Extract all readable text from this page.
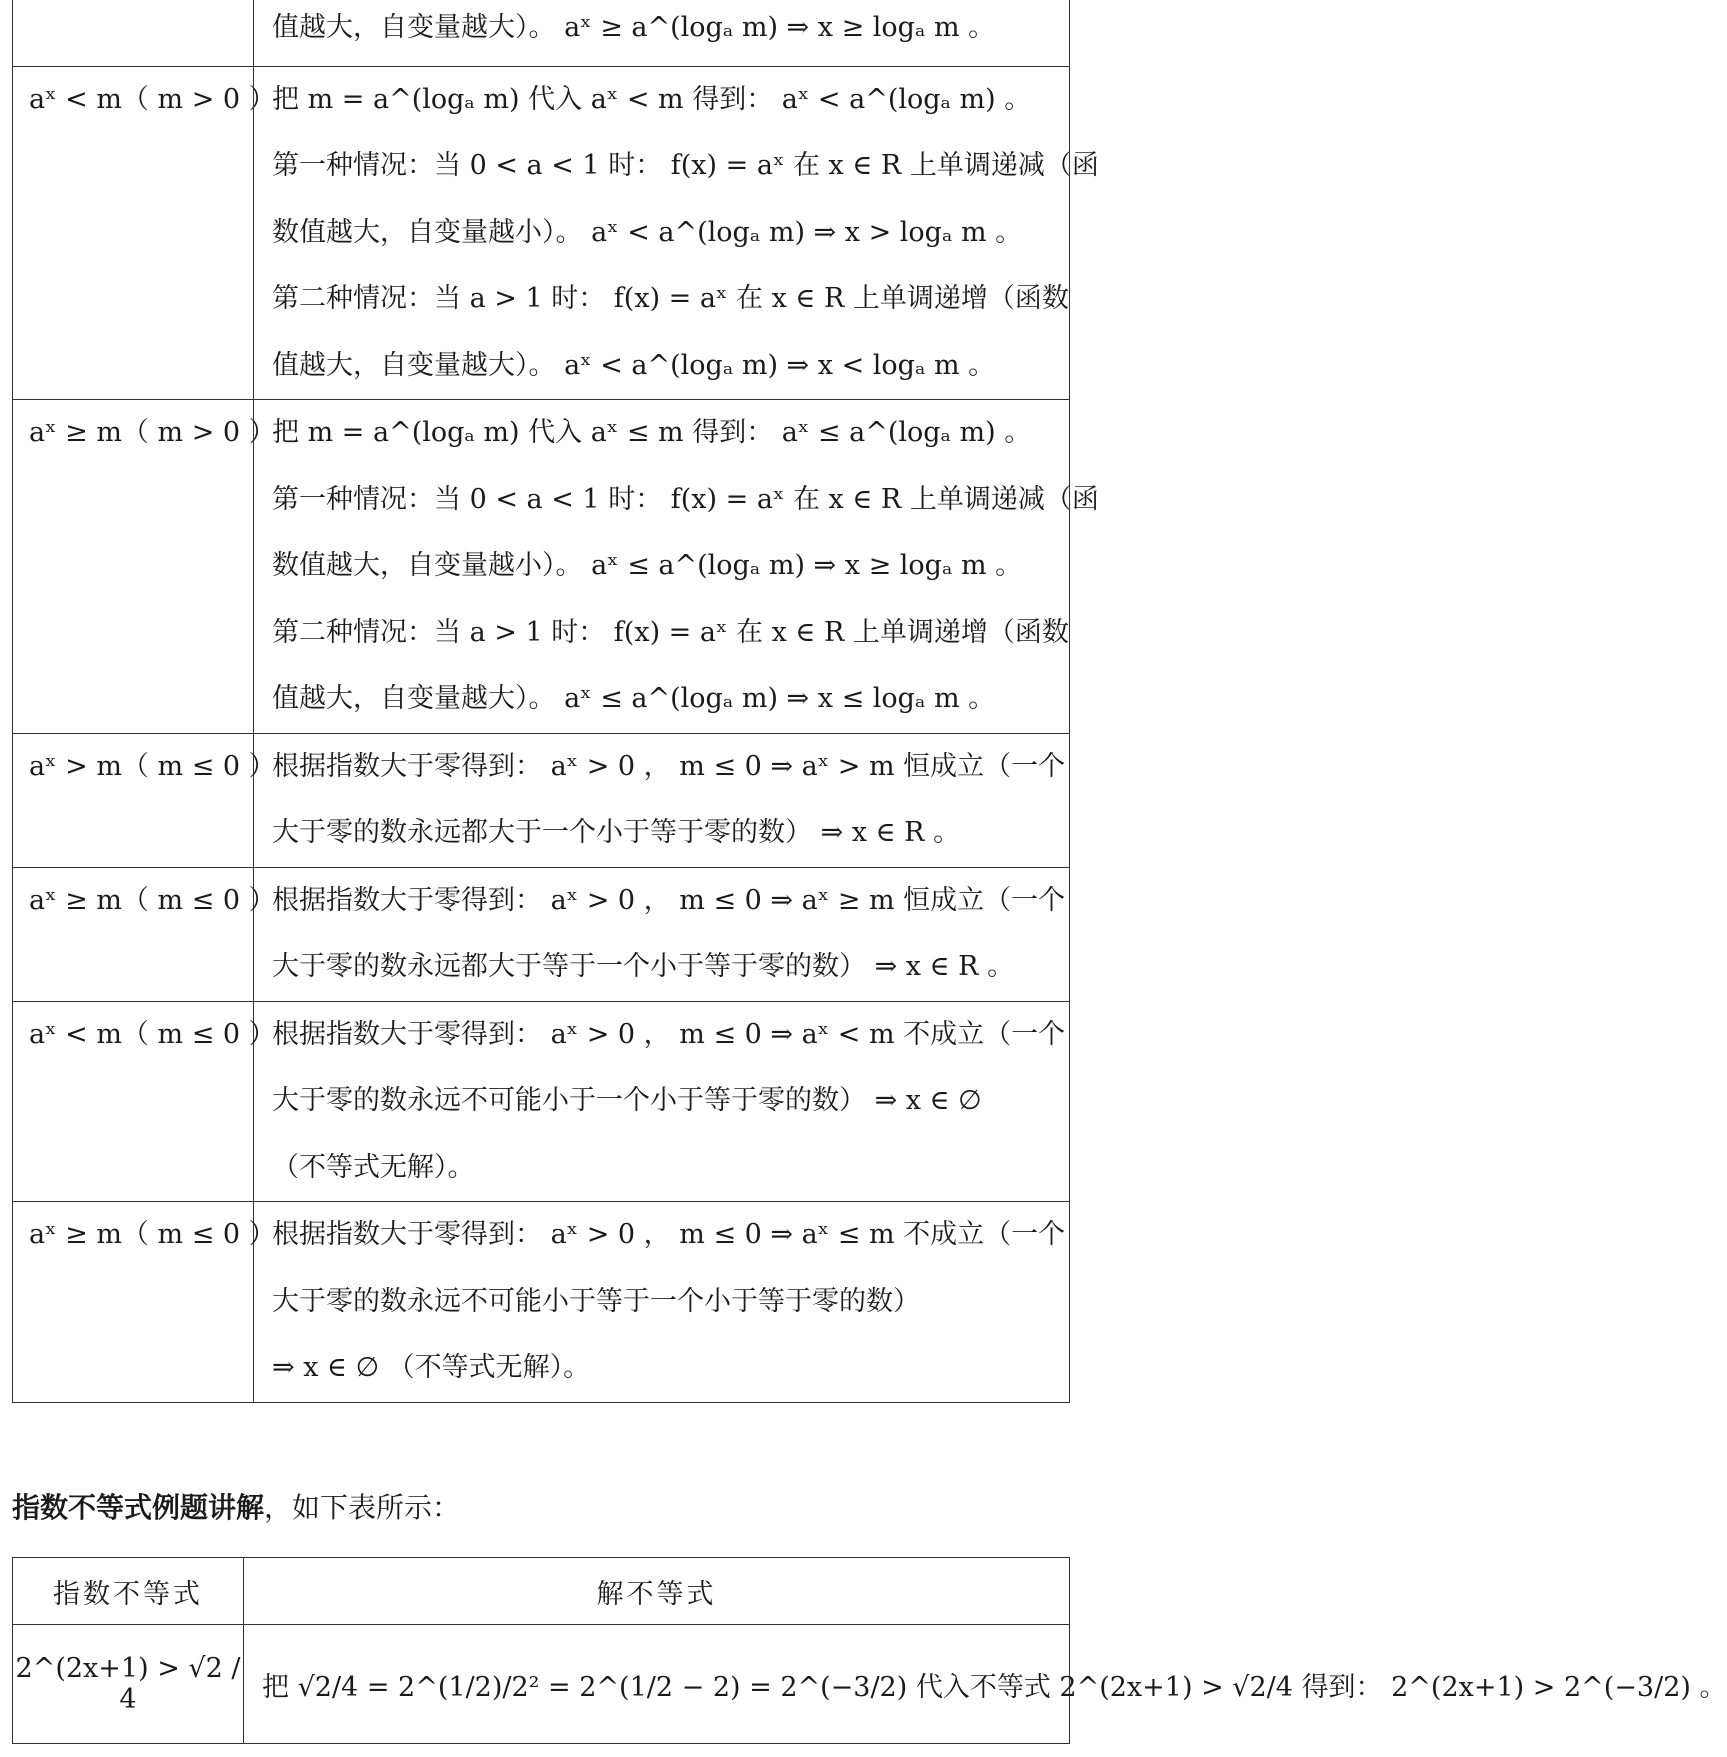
	值越大，自变量越大）。 aˣ ≥ a^(logₐ m) ⇒ x ≥ logₐ m 。

aˣ < m（ m > 0 ）	把 m = a^(logₐ m) 代入 aˣ < m 得到： aˣ < a^(logₐ m) 。
第一种情况：当 0 < a < 1 时： f(x) = aˣ 在 x ∈ R 上单调递减（函
数值越大，自变量越小）。 aˣ < a^(logₐ m) ⇒ x > logₐ m 。
第二种情况：当 a > 1 时： f(x) = aˣ 在 x ∈ R 上单调递增（函数
值越大，自变量越大）。 aˣ < a^(logₐ m) ⇒ x < logₐ m 。

aˣ ≥ m（ m > 0 ）	把 m = a^(logₐ m) 代入 aˣ ≤ m 得到： aˣ ≤ a^(logₐ m) 。
第一种情况：当 0 < a < 1 时： f(x) = aˣ 在 x ∈ R 上单调递减（函
数值越大，自变量越小）。 aˣ ≤ a^(logₐ m) ⇒ x ≥ logₐ m 。
第二种情况：当 a > 1 时： f(x) = aˣ 在 x ∈ R 上单调递增（函数
值越大，自变量越大）。 aˣ ≤ a^(logₐ m) ⇒ x ≤ logₐ m 。

aˣ > m（ m ≤ 0 ）	根据指数大于零得到： aˣ > 0 ， m ≤ 0 ⇒ aˣ > m 恒成立（一个
大于零的数永远都大于一个小于等于零的数） ⇒ x ∈ R 。

aˣ ≥ m（ m ≤ 0 ）	根据指数大于零得到： aˣ > 0 ， m ≤ 0 ⇒ aˣ ≥ m 恒成立（一个
大于零的数永远都大于等于一个小于等于零的数） ⇒ x ∈ R 。

aˣ < m（ m ≤ 0 ）	根据指数大于零得到： aˣ > 0 ， m ≤ 0 ⇒ aˣ < m 不成立（一个
大于零的数永远不可能小于一个小于等于零的数） ⇒ x ∈ ∅
（不等式无解）。

aˣ ≥ m（ m ≤ 0 ）	根据指数大于零得到： aˣ > 0 ， m ≤ 0 ⇒ aˣ ≤ m 不成立（一个
大于零的数永远不可能小于等于一个小于等于零的数）
⇒ x ∈ ∅ （不等式无解）。
指数不等式例题讲解，如下表所示：
指数不等式	解不等式
2^(2x+1) > √2 / 4	把 √2/4 = 2^(1/2)/2² = 2^(1/2 − 2) = 2^(−3/2) 代入不等式 2^(2x+1) > √2/4 得到： 2^(2x+1) > 2^(−3/2) 。
